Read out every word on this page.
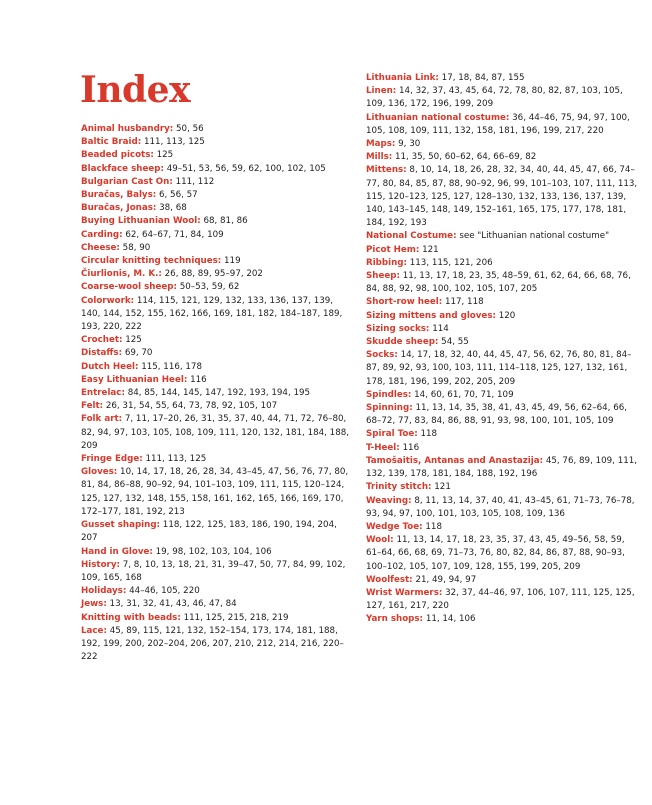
Index

Animal husbandry: 50, 56

Baltic Braid: 111, 113, 125

Beaded picots: 125

Blackface sheep: 49–51, 53, 56, 59, 62, 100, 102, 105

Bulgarian Cast On: 111, 112

Buračas, Balys: 6, 56, 57

Buračas, Jonas: 38, 68

Buying Lithuanian Wool: 68, 81, 86

Carding: 62, 64–67, 71, 84, 109

Cheese: 58, 90

Circular knitting techniques: 119

Čiurlionis, M. K.: 26, 88, 89, 95–97, 202

Coarse-wool sheep: 50–53, 59, 62

Colorwork: 114, 115, 121, 129, 132, 133, 136, 137, 139, 140, 144, 152, 155, 162, 166, 169, 181, 182, 184–187, 189, 193, 220, 222

Crochet: 125

Distaffs: 69, 70

Dutch Heel: 115, 116, 178

Easy Lithuanian Heel: 116

Entrelac: 84, 85, 144, 145, 147, 192, 193, 194, 195

Felt: 26, 31, 54, 55, 64, 73, 78, 92, 105, 107

Folk art: 7, 11, 17–20, 26, 31, 35, 37, 40, 44, 71, 72, 76–80, 82, 94, 97, 103, 105, 108, 109, 111, 120, 132, 181, 184, 188, 209

Fringe Edge: 111, 113, 125

Gloves: 10, 14, 17, 18, 26, 28, 34, 43–45, 47, 56, 76, 77, 80, 81, 84, 86–88, 90–92, 94, 101–103, 109, 111, 115, 120–124, 125, 127, 132, 148, 155, 158, 161, 162, 165, 166, 169, 170, 172–177, 181, 192, 213

Gusset shaping: 118, 122, 125, 183, 186, 190, 194, 204, 207

Hand in Glove: 19, 98, 102, 103, 104, 106

History: 7, 8, 10, 13, 18, 21, 31, 39–47, 50, 77, 84, 99, 102, 109, 165, 168

Holidays: 44–46, 105, 220

Jews: 13, 31, 32, 41, 43, 46, 47, 84

Knitting with beads: 111, 125, 215, 218, 219

Lace: 45, 89, 115, 121, 132, 152–154, 173, 174, 181, 188, 192, 199, 200, 202–204, 206, 207, 210, 212, 214, 216, 220–222

Lithuania Link: 17, 18, 84, 87, 155

Linen: 14, 32, 37, 43, 45, 64, 72, 78, 80, 82, 87, 103, 105, 109, 136, 172, 196, 199, 209

Lithuanian national costume: 36, 44–46, 75, 94, 97, 100, 105, 108, 109, 111, 132, 158, 181, 196, 199, 217, 220

Maps: 9, 30

Mills: 11, 35, 50, 60–62, 64, 66–69, 82

Mittens: 8, 10, 14, 18, 26, 28, 32, 34, 40, 44, 45, 47, 66, 74–77, 80, 84, 85, 87, 88, 90–92, 96, 99, 101–103, 107, 111, 113, 115, 120–123, 125, 127, 128–130, 132, 133, 136, 137, 139, 140, 143–145, 148, 149, 152–161, 165, 175, 177, 178, 181, 184, 192, 193

National Costume: see "Lithuanian national costume"

Picot Hem: 121

Ribbing: 113, 115, 121, 206

Sheep: 11, 13, 17, 18, 23, 35, 48–59, 61, 62, 64, 66, 68, 76, 84, 88, 92, 98, 100, 102, 105, 107, 205

Short-row heel: 117, 118

Sizing mittens and gloves: 120

Sizing socks: 114

Skudde sheep: 54, 55

Socks: 14, 17, 18, 32, 40, 44, 45, 47, 56, 62, 76, 80, 81, 84–87, 89, 92, 93, 100, 103, 111, 114–118, 125, 127, 132, 161, 178, 181, 196, 199, 202, 205, 209

Spindles: 14, 60, 61, 70, 71, 109

Spinning: 11, 13, 14, 35, 38, 41, 43, 45, 49, 56, 62–64, 66, 68–72, 77, 83, 84, 86, 88, 91, 93, 98, 100, 101, 105, 109

Spiral Toe: 118

T-Heel: 116

Tamošaitis, Antanas and Anastazija: 45, 76, 89, 109, 111, 132, 139, 178, 181, 184, 188, 192, 196

Trinity stitch: 121

Weaving: 8, 11, 13, 14, 37, 40, 41, 43–45, 61, 71–73, 76–78, 93, 94, 97, 100, 101, 103, 105, 108, 109, 136

Wedge Toe: 118

Wool: 11, 13, 14, 17, 18, 23, 35, 37, 43, 45, 49–56, 58, 59, 61–64, 66, 68, 69, 71–73, 76, 80, 82, 84, 86, 87, 88, 90–93, 100–102, 105, 107, 109, 128, 155, 199, 205, 209

Woolfest: 21, 49, 94, 97

Wrist Warmers: 32, 37, 44–46, 97, 106, 107, 111, 125, 125, 127, 161, 217, 220

Yarn shops: 11, 14, 106
